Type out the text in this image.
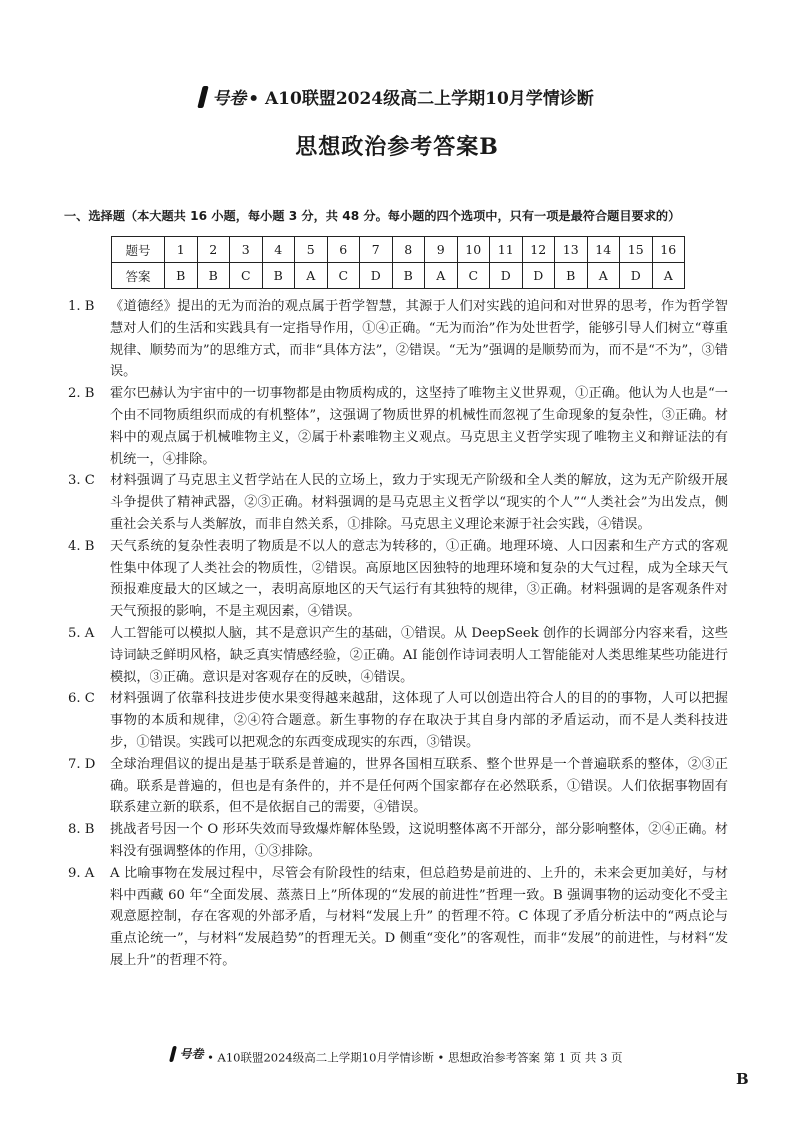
号卷 • A10联盟2024级高二上学期10月学情诊断
思想政治参考答案B
一、选择题（本大题共 16 小题，每小题 3 分，共 48 分。每小题的四个选项中，只有一项是最符合题目要求的）
题号	1	2	3	4	5	6	7	8	9	10	11	12	13	14	15	16
答案	B	B	C	B	A	C	D	B	A	C	D	D	B	A	D	A
1. B	《道德经》提出的无为而治的观点属于哲学智慧，其源于人们对实践的追问和对世界的思考，作为哲学智慧对人们的生活和实践具有一定指导作用，①④正确。“无为而治”作为处世哲学，能够引导人们树立“尊重规律、顺势而为”的思维方式，而非“具体方法”，②错误。“无为”强调的是顺势而为，而不是“不为”，③错误。
2. B	霍尔巴赫认为宇宙中的一切事物都是由物质构成的，这坚持了唯物主义世界观，①正确。他认为人也是“一个由不同物质组织而成的有机整体”，这强调了物质世界的机械性而忽视了生命现象的复杂性，③正确。材料中的观点属于机械唯物主义，②属于朴素唯物主义观点。马克思主义哲学实现了唯物主义和辩证法的有机统一，④排除。
3. C	材料强调了马克思主义哲学站在人民的立场上，致力于实现无产阶级和全人类的解放，这为无产阶级开展斗争提供了精神武器，②③正确。材料强调的是马克思主义哲学以“现实的个人”“人类社会”为出发点，侧重社会关系与人类解放，而非自然关系，①排除。马克思主义理论来源于社会实践，④错误。
4. B	天气系统的复杂性表明了物质是不以人的意志为转移的，①正确。地理环境、人口因素和生产方式的客观性集中体现了人类社会的物质性，②错误。高原地区因独特的地理环境和复杂的大气过程，成为全球天气预报难度最大的区域之一，表明高原地区的天气运行有其独特的规律，③正确。材料强调的是客观条件对天气预报的影响，不是主观因素，④错误。
5. A	人工智能可以模拟人脑，其不是意识产生的基础，①错误。从 DeepSeek 创作的长调部分内容来看，这些诗词缺乏鲜明风格，缺乏真实情感经验，②正确。AI 能创作诗词表明人工智能能对人类思维某些功能进行模拟，③正确。意识是对客观存在的反映，④错误。
6. C	材料强调了依靠科技进步使水果变得越来越甜，这体现了人可以创造出符合人的目的的事物，人可以把握事物的本质和规律，②④符合题意。新生事物的存在取决于其自身内部的矛盾运动，而不是人类科技进步，①错误。实践可以把观念的东西变成现实的东西，③错误。
7. D	全球治理倡议的提出是基于联系是普遍的，世界各国相互联系、整个世界是一个普遍联系的整体，②③正确。联系是普遍的，但也是有条件的，并不是任何两个国家都存在必然联系，①错误。人们依据事物固有联系建立新的联系，但不是依据自己的需要，④错误。
8. B	挑战者号因一个 O 形环失效而导致爆炸解体坠毁，这说明整体离不开部分，部分影响整体，②④正确。材料没有强调整体的作用，①③排除。
9. A	A 比喻事物在发展过程中，尽管会有阶段性的结束，但总趋势是前进的、上升的，未来会更加美好，与材料中西藏 60 年“全面发展、蒸蒸日上”所体现的“发展的前进性”哲理一致。B 强调事物的运动变化不受主观意愿控制，存在客观的外部矛盾，与材料“发展上升” 的哲理不符。C 体现了矛盾分析法中的“两点论与重点论统一”，与材料“发展趋势”的哲理无关。D 侧重“变化”的客观性，而非“发展”的前进性，与材料“发展上升”的哲理不符。
号卷 • A10联盟2024级高二上学期10月学情诊断 • 思想政治参考答案 第 1 页 共 3 页
B
